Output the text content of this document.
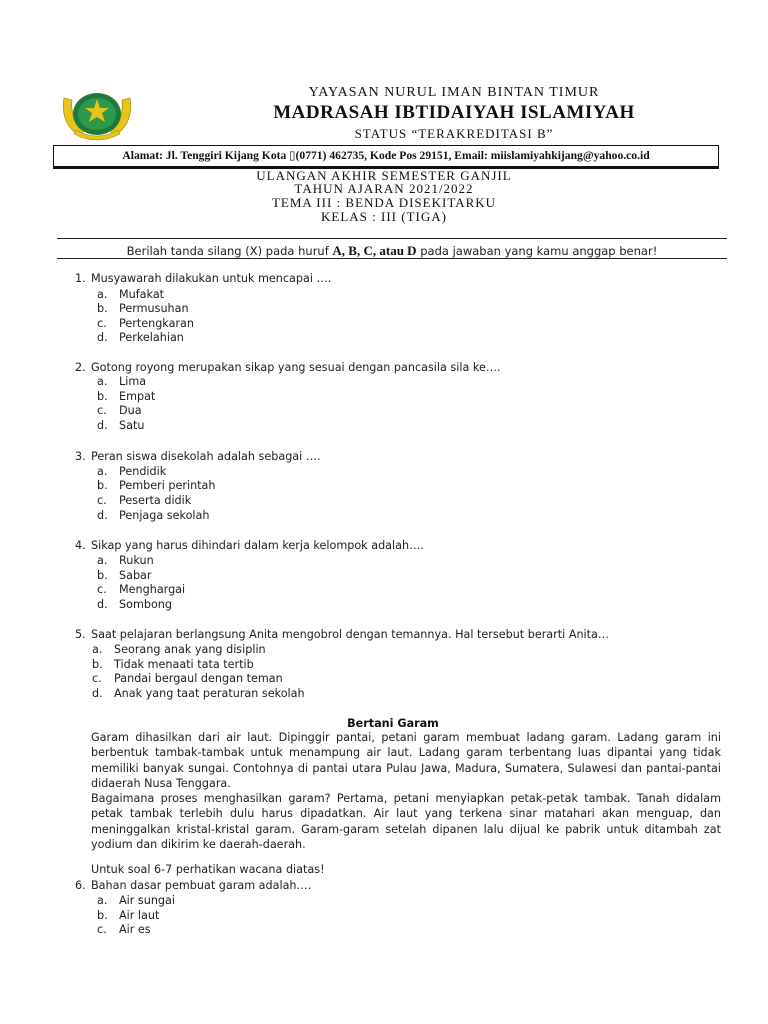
YAYASAN NURUL IMAN BINTAN TIMUR
MADRASAH IBTIDAIYAH ISLAMIYAH
STATUS “TERAKREDITASI B”
Alamat: Jl. Tenggiri Kijang Kota ▯(0771) 462735, Kode Pos 29151, Email: miislamiyahkijang@yahoo.co.id
ULANGAN AKHIR SEMESTER GANJIL
TAHUN AJARAN 2021/2022
TEMA III : BENDA DISEKITARKU
KELAS : III (TIGA)
Berilah tanda silang (X) pada huruf A, B, C, atau D pada jawaban yang kamu anggap benar!
1. Musyawarah dilakukan untuk mencapai ….
a. Mufakat
b. Permusuhan
c. Pertengkaran
d. Perkelahian
2. Gotong royong merupakan sikap yang sesuai dengan pancasila sila ke….
a. Lima
b. Empat
c. Dua
d. Satu
3. Peran siswa disekolah adalah sebagai ….
a. Pendidik
b. Pemberi perintah
c. Peserta didik
d. Penjaga sekolah
4. Sikap yang harus dihindari dalam kerja kelompok adalah….
a. Rukun
b. Sabar
c. Menghargai
d. Sombong
5. Saat pelajaran berlangsung Anita mengobrol dengan temannya. Hal tersebut berarti Anita…
a. Seorang anak yang disiplin
b. Tidak menaati tata tertib
c. Pandai bergaul dengan teman
d. Anak yang taat peraturan sekolah
Bertani Garam
Garam dihasilkan dari air laut. Dipinggir pantai, petani garam membuat ladang garam. Ladang garam ini berbentuk tambak-tambak untuk menampung air laut. Ladang garam terbentang luas dipantai yang tidak memiliki banyak sungai. Contohnya di pantai utara Pulau Jawa, Madura, Sumatera, Sulawesi dan pantai-pantai didaerah Nusa Tenggara.
Bagaimana proses menghasilkan garam? Pertama, petani menyiapkan petak-petak tambak. Tanah didalam petak tambak terlebih dulu harus dipadatkan. Air laut yang terkena sinar matahari akan menguap, dan meninggalkan kristal-kristal garam. Garam-garam setelah dipanen lalu dijual ke pabrik untuk ditambah zat yodium dan dikirim ke daerah-daerah.
Untuk soal 6-7 perhatikan wacana diatas!
6. Bahan dasar pembuat garam adalah….
a. Air sungai
b. Air laut
c. Air es
